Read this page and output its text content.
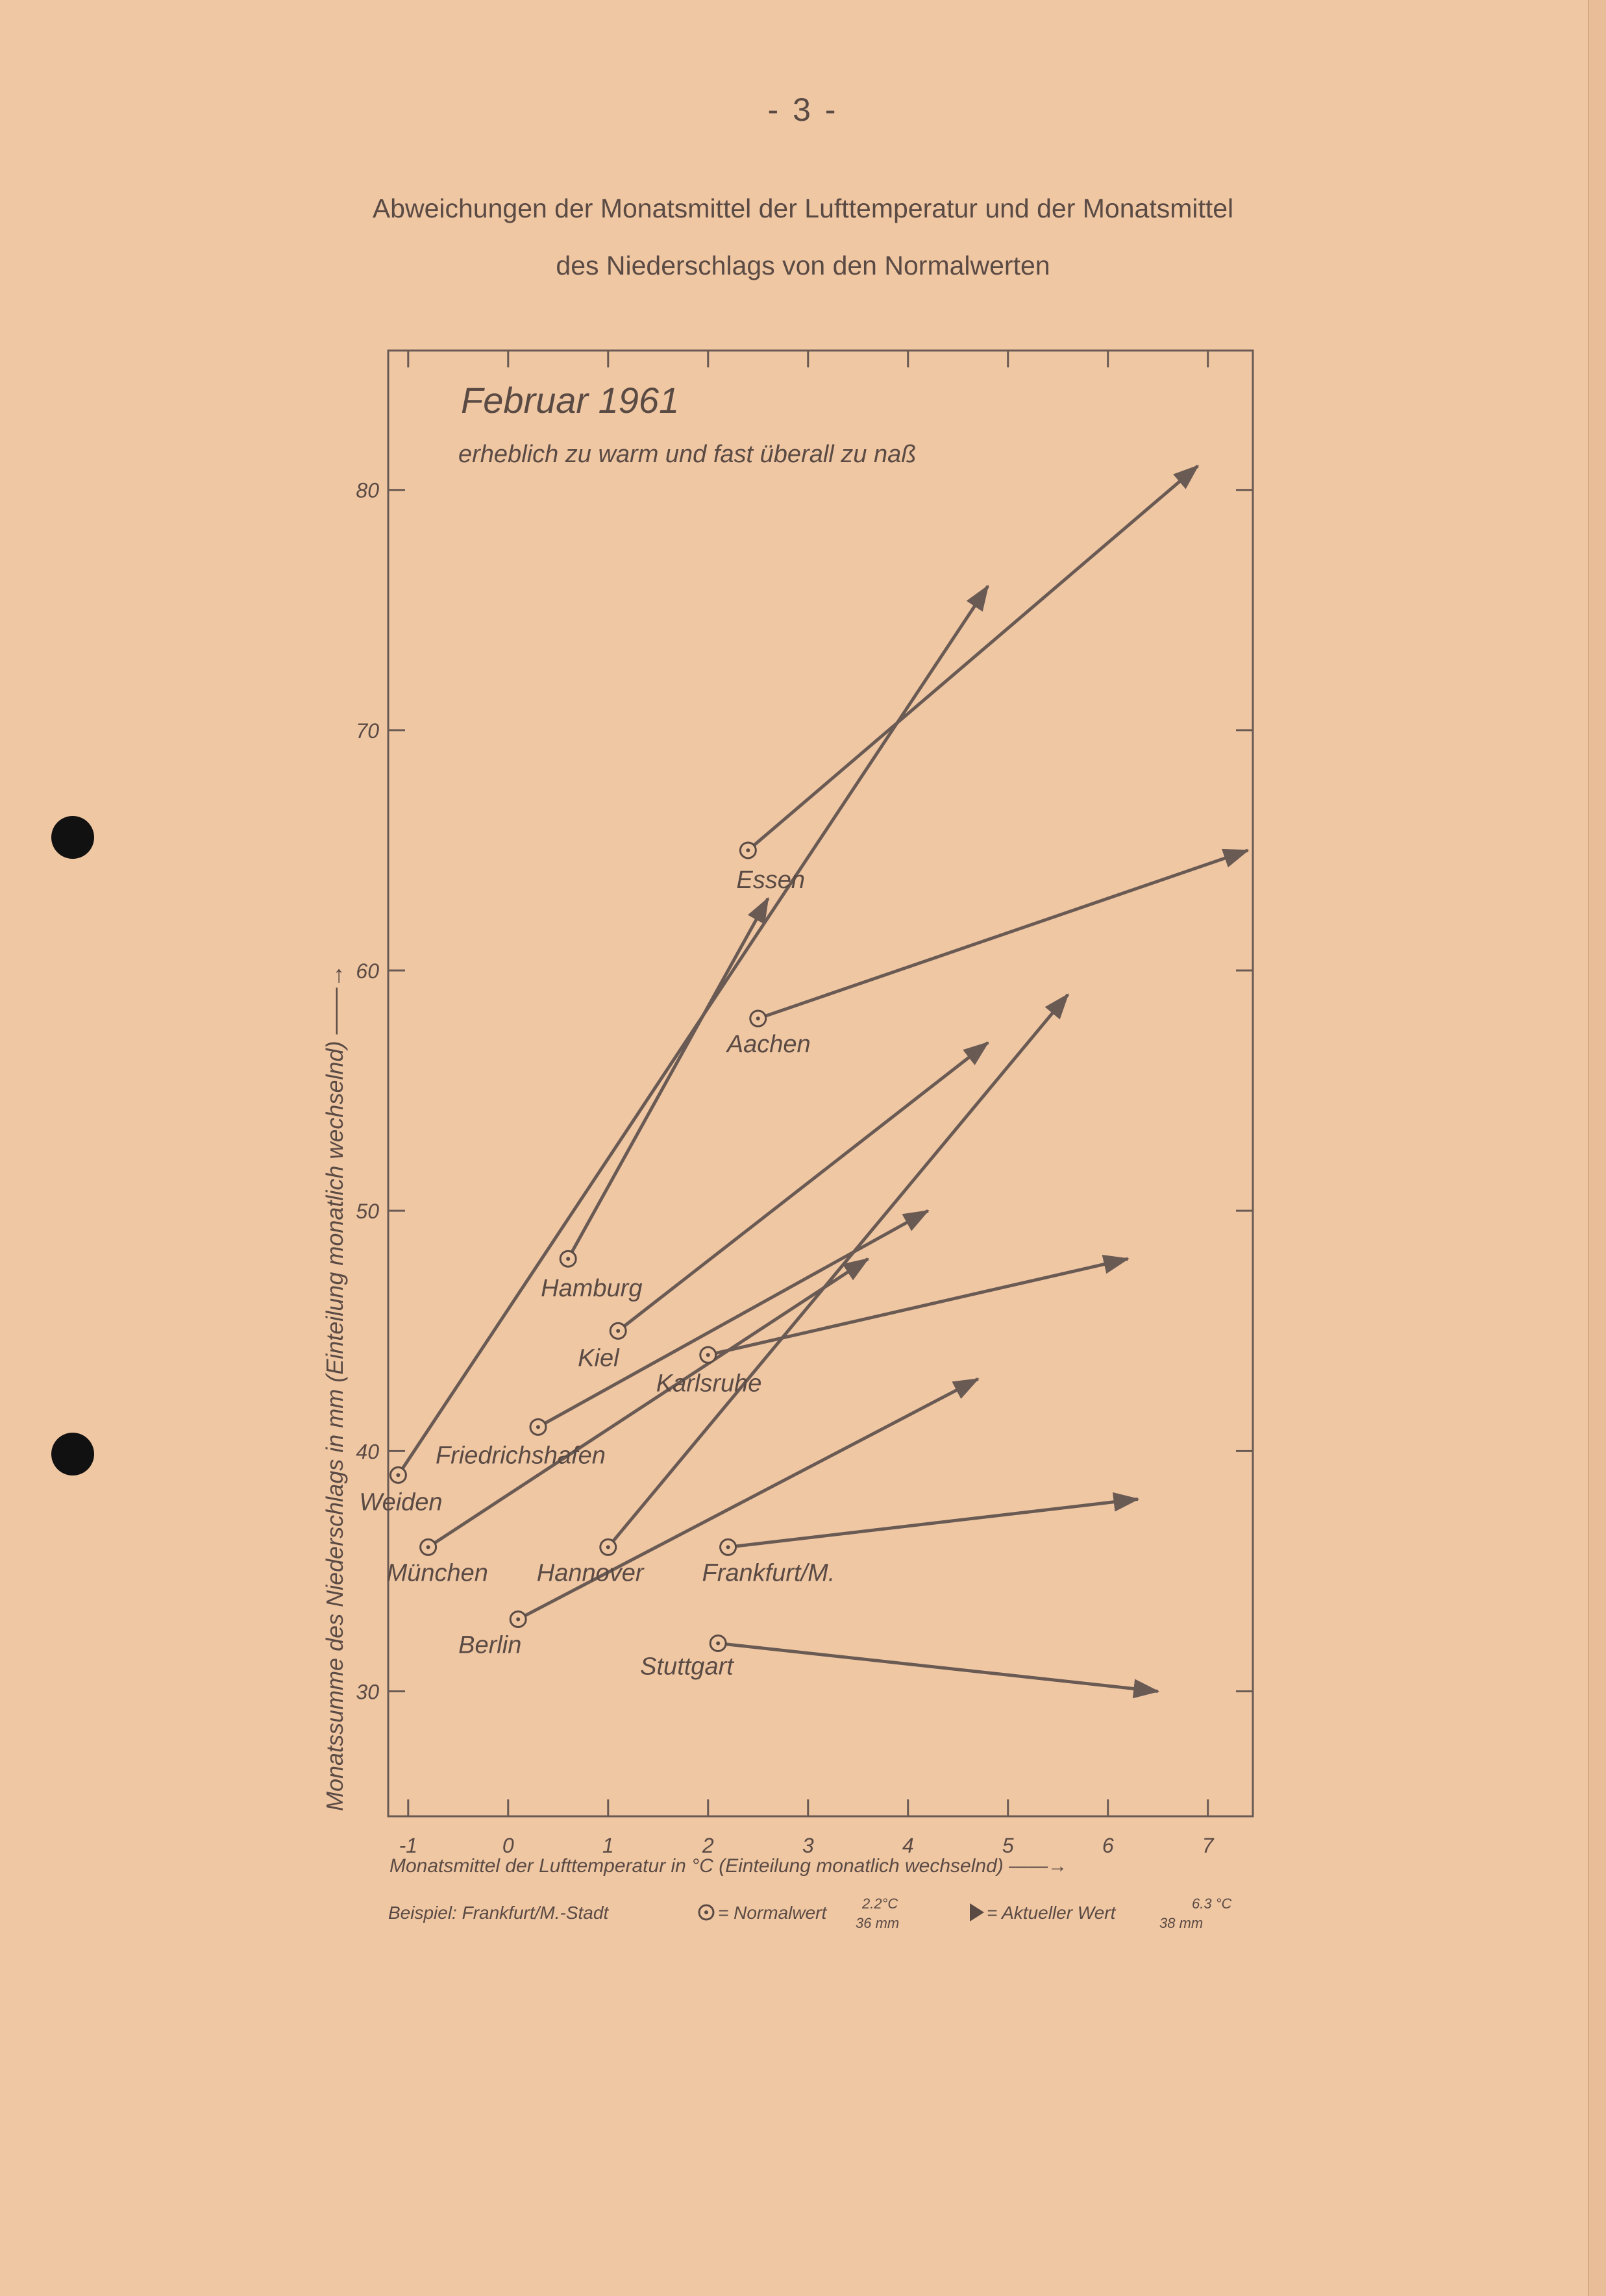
- 3 -
Abweichungen der Monatsmittel der Lufttemperatur und der Monatsmittel
des Niederschlags von den Normalwerten
-1	0	1	2	3	4	5	6	7
30
40
50
60
70
80
Essen
Aachen
Hamburg
Kiel
Karlsruhe
Friedrichshafen
Weiden
München Hannover Frankfurt/M.
Berlin
Stuttgart
Februar 1961
erheblich zu warm und fast überall zu naß
Monatsmittel der Lufttemperatur in °C (Einteilung monatlich wechselnd) ——→
Monatssumme des Niederschlags in mm (Einteilung monatlich wechselnd) ——→
Beispiel: Frankfurt/M.-Stadt	= Normalwert 2.2°C
36 mm
= Aktueller Wert	6.3 °C
38 mm
